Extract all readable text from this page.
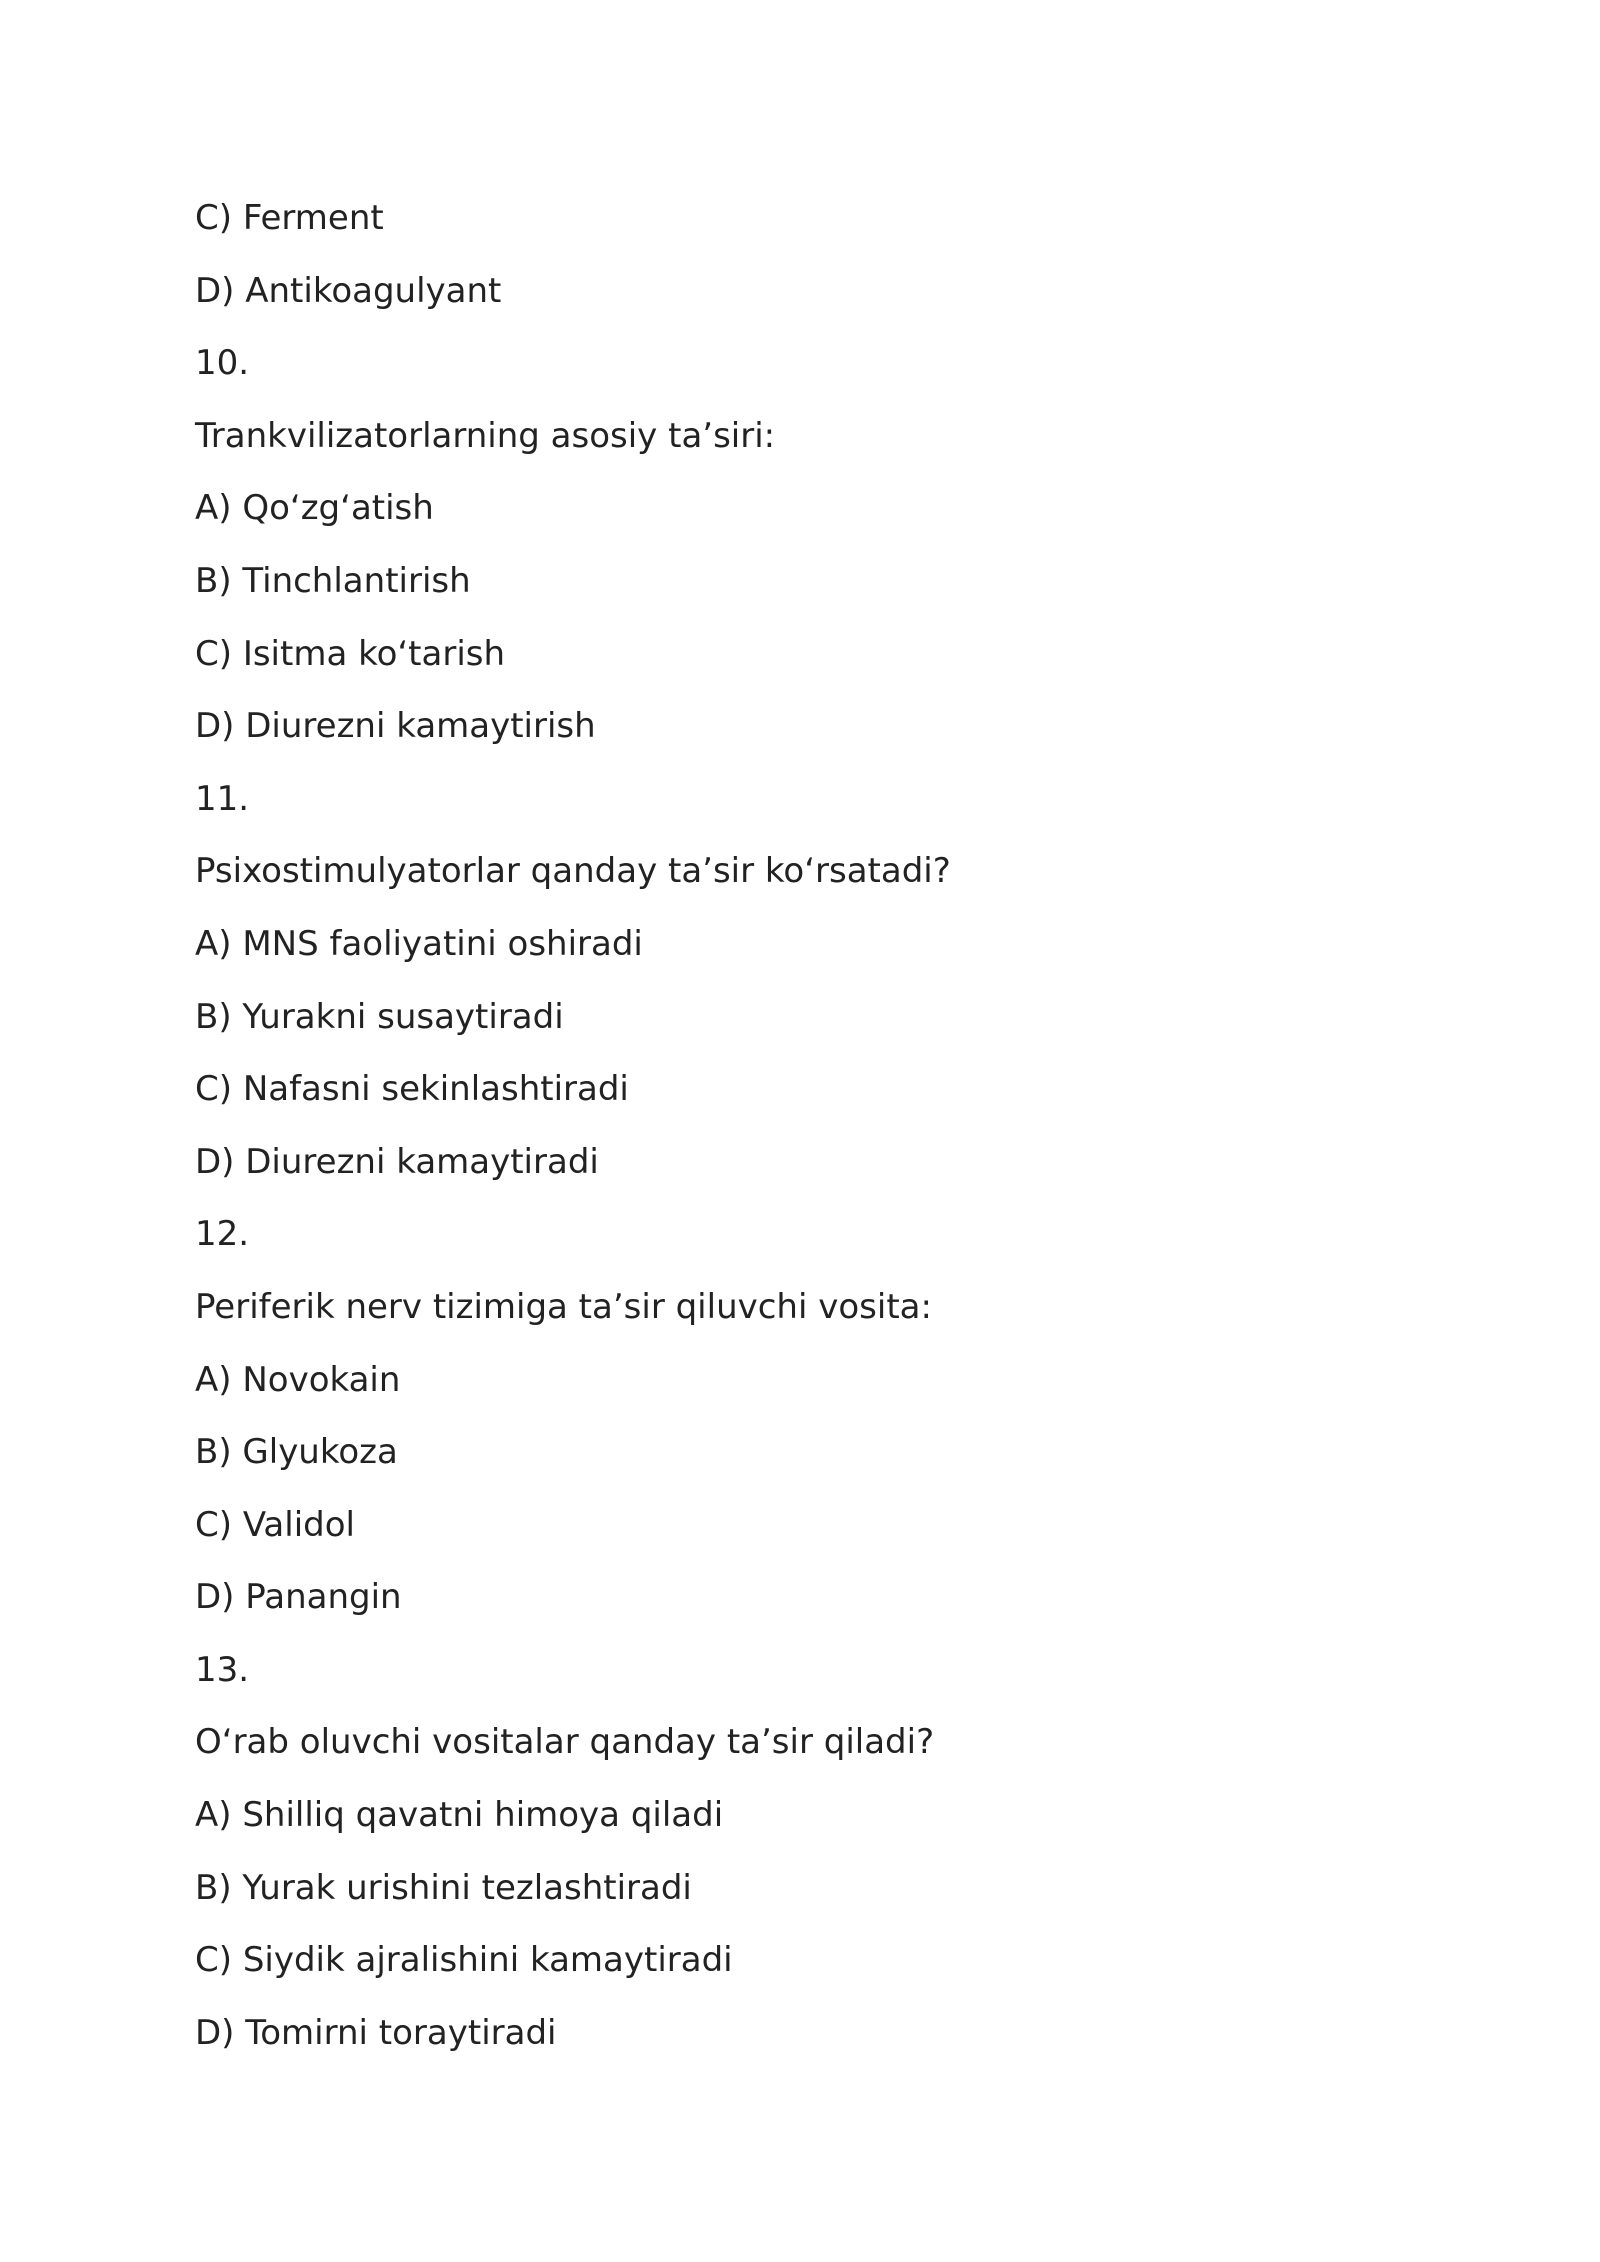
C) Ferment
D) Antikoagulyant
10.
Trankvilizatorlarning asosiy ta’siri:
A) Qo‘zg‘atish
B) Tinchlantirish
C) Isitma ko‘tarish
D) Diurezni kamaytirish
11.
Psixostimulyatorlar qanday ta’sir ko‘rsatadi?
A) MNS faoliyatini oshiradi
B) Yurakni susaytiradi
C) Nafasni sekinlashtiradi
D) Diurezni kamaytiradi
12.
Periferik nerv tizimiga ta’sir qiluvchi vosita:
A) Novokain
B) Glyukoza
C) Validol
D) Panangin
13.
O‘rab oluvchi vositalar qanday ta’sir qiladi?
A) Shilliq qavatni himoya qiladi
B) Yurak urishini tezlashtiradi
C) Siydik ajralishini kamaytiradi
D) Tomirni toraytiradi
